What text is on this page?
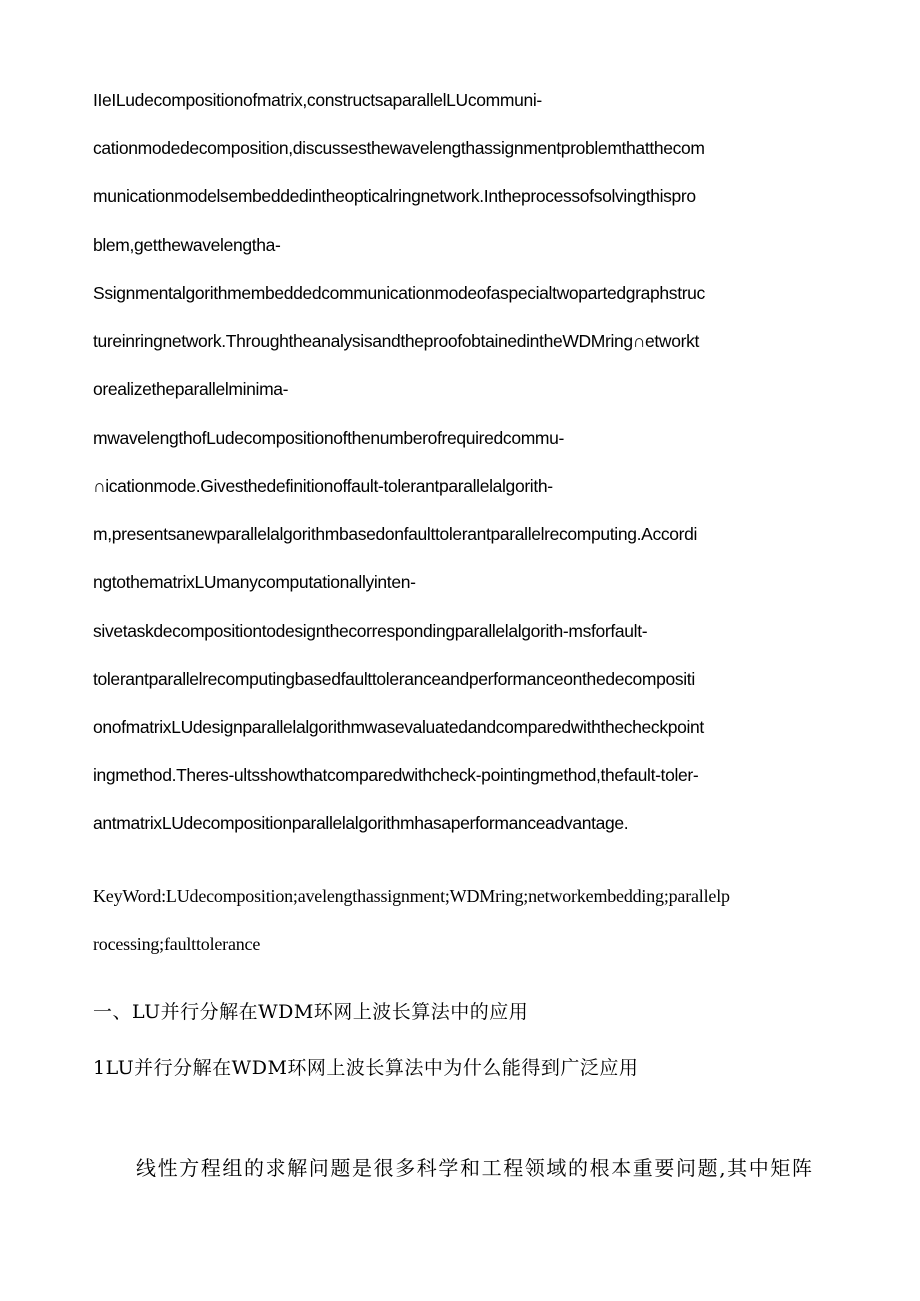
IIeILudecompositionofmatrix,constructsaparallelLUcommuni-
cationmodedecomposition,discussesthewavelengthassignmentproblemthatthecom
municationmodelsembeddedintheopticalringnetwork.Intheprocessofsolvingthispro
blem,getthewavelengtha-
Ssignmentalgorithmembeddedcommunicationmodeofaspecialtwopartedgraphstruc
tureinringnetwork.ThroughtheanalysisandtheproofobtainedintheWDMring∩etworkt
orealizetheparallelminima-
mwavelengthofLudecompositionofthenumberofrequiredcommu-
∩icationmode.Givesthedefinitionoffault-tolerantparallelalgorith-
m,presentsanewparallelalgorithmbasedonfaulttolerantparallelrecomputing.Accordi
ngtothematrixLUmanycomputationallyinten-
sivetaskdecompositiontodesignthecorrespondingparallelalgorith-msforfault-
tolerantparallelrecomputingbasedfaulttoleranceandperformanceonthedecompositi
onofmatrixLUdesignparallelalgorithmwasevaluatedandcomparedwiththecheckpoint
ingmethod.Theres-ultsshowthatcomparedwithcheck-pointingmethod,thefault-toler-
antmatrixLUdecompositionparallelalgorithmhasaperformanceadvantage.
KeyWord:LUdecomposition;avelengthassignment;WDMring;networkembedding;parallelp
rocessing;faulttolerance
一、LU并行分解在WDM环网上波长算法中的应用
1LU并行分解在WDM环网上波长算法中为什么能得到广泛应用
线性方程组的求解问题是很多科学和工程领域的根本重要问题,其中矩阵
